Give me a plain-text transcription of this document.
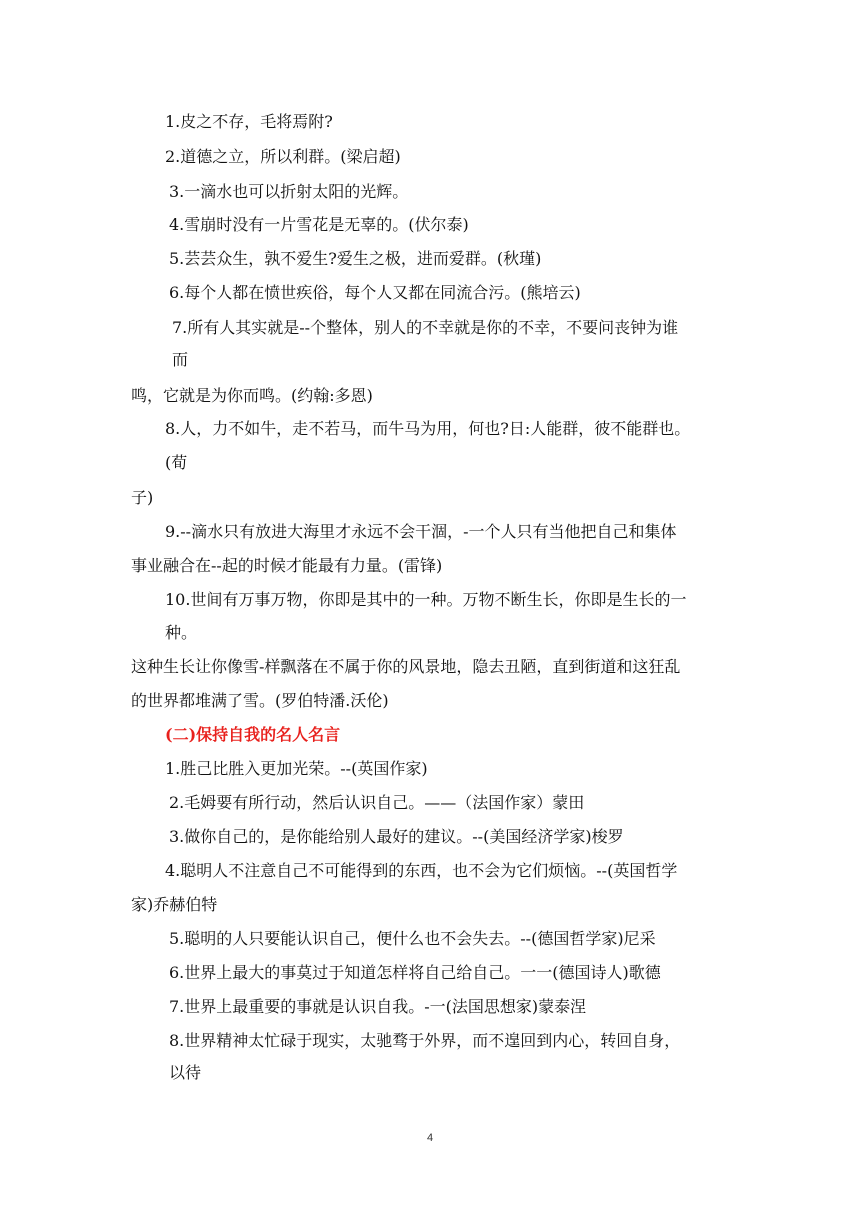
1.皮之不存，毛将焉附?
2.道德之立，所以利群。(梁启超)
3.一滴水也可以折射太阳的光辉。
4.雪崩时没有一片雪花是无辜的。(伏尔泰)
5.芸芸众生，孰不爱生?爱生之极，进而爱群。(秋瑾)
6.每个人都在愤世疾俗，每个人又都在同流合污。(熊培云)
7.所有人其实就是--个整体，别人的不幸就是你的不幸，不要问丧钟为谁
而
鸣，它就是为你而鸣。(约翰:多恩)
8.人，力不如牛，走不若马，而牛马为用，何也?日:人能群，彼不能群也。
(荀
子)
9.--滴水只有放进大海里才永远不会干涸，-一个人只有当他把自己和集体
事业融合在--起的时候才能最有力量。(雷锋)
10.世间有万事万物，你即是其中的一种。万物不断生长，你即是生长的一
种。
这种生长让你像雪-样飘落在不属于你的风景地，隐去丑陋，直到街道和这狂乱
的世界都堆满了雪。(罗伯特潘.沃伦)
(二)保持自我的名人名言
1.胜己比胜入更加光荣。--(英国作家)
2.毛姆要有所行动，然后认识自己。——（法国作家）蒙田
3.做你自己的，是你能给别人最好的建议。--(美国经济学家)梭罗
4.聪明人不注意自己不可能得到的东西，也不会为它们烦恼。--(英国哲学
家)乔赫伯特
5.聪明的人只要能认识自己，便什么也不会失去。--(德国哲学家)尼采
6.世界上最大的事莫过于知道怎样将自己给自己。一一(德国诗人)歌德
7.世界上最重要的事就是认识自我。-一(法国思想家)蒙泰涅
8.世界精神太忙碌于现实，太驰骛于外界，而不遑回到内心，转回自身，
以待
4
